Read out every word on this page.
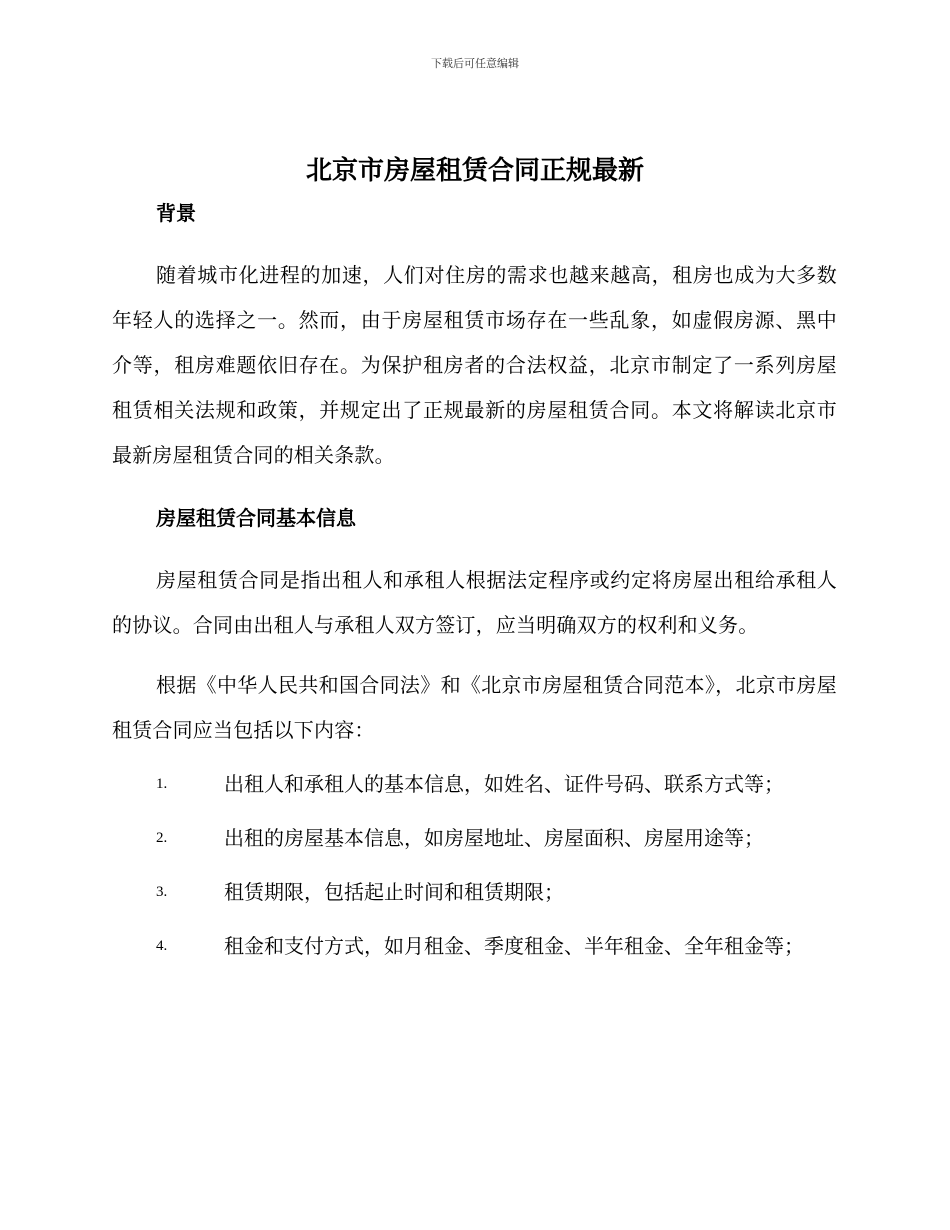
下载后可任意编辑
北京市房屋租赁合同正规最新
背景

随着城市化进程的加速，人们对住房的需求也越来越高，租房也成为大多数年轻人的选择之一。然而，由于房屋租赁市场存在一些乱象，如虚假房源、黑中介等，租房难题依旧存在。为保护租房者的合法权益，北京市制定了一系列房屋租赁相关法规和政策，并规定出了正规最新的房屋租赁合同。本文将解读北京市最新房屋租赁合同的相关条款。

房屋租赁合同基本信息

房屋租赁合同是指出租人和承租人根据法定程序或约定将房屋出租给承租人的协议。合同由出租人与承租人双方签订，应当明确双方的权利和义务。

根据《中华人民共和国合同法》和《北京市房屋租赁合同范本》，北京市房屋租赁合同应当包括以下内容：

1.	出租人和承租人的基本信息，如姓名、证件号码、联系方式等；
2.	出租的房屋基本信息，如房屋地址、房屋面积、房屋用途等；
3.	租赁期限，包括起止时间和租赁期限；
4.	租金和支付方式，如月租金、季度租金、半年租金、全年租金等；
